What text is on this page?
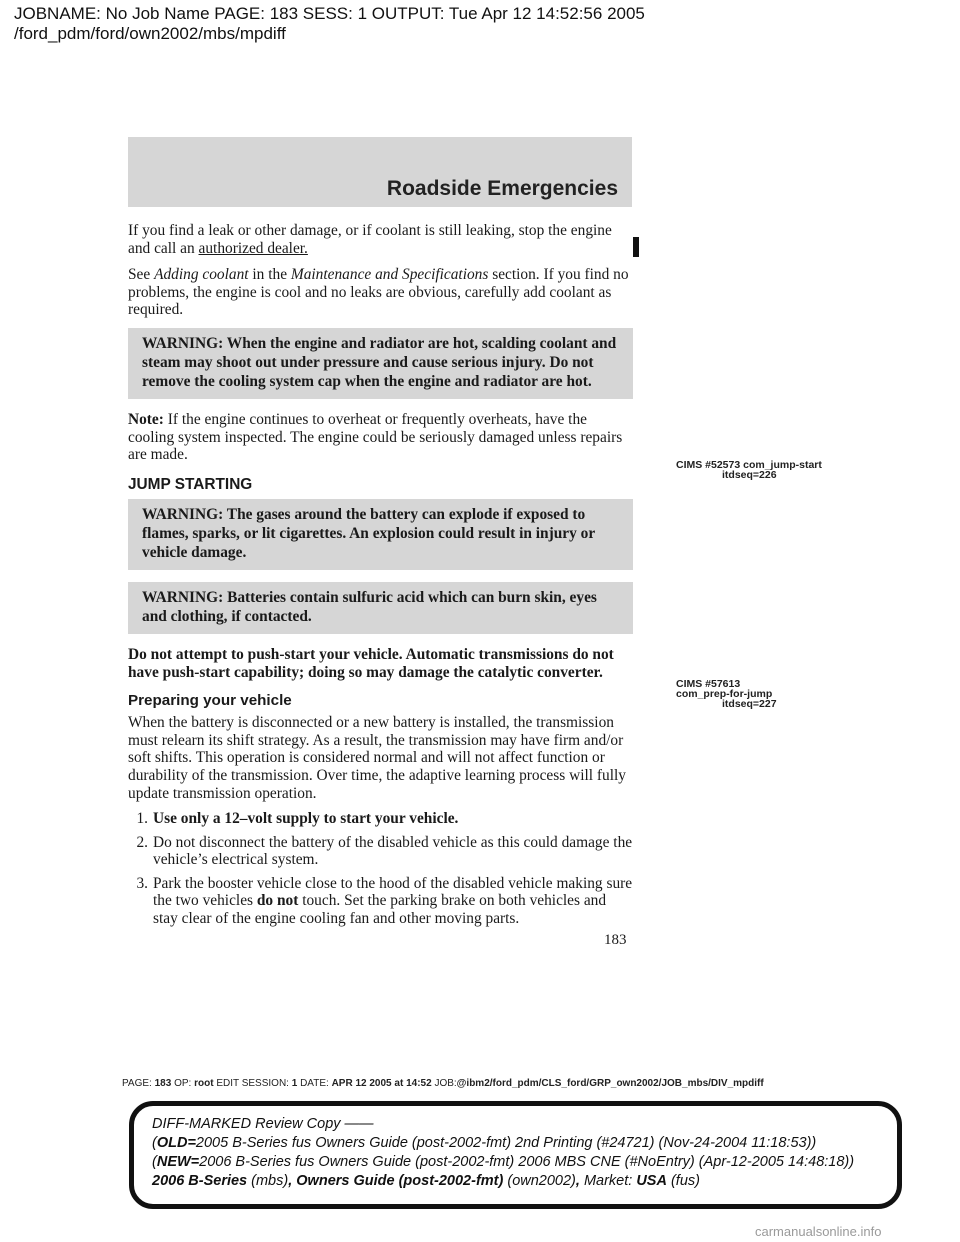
JOBNAME: No Job Name PAGE: 183 SESS: 1 OUTPUT: Tue Apr 12 14:52:56 2005
/ford_pdm/ford/own2002/mbs/mpdiff
Roadside Emergencies

If you find a leak or other damage, or if coolant is still leaking, stop the engine and call an authorized dealer.

See Adding coolant in the Maintenance and Specifications section. If you find no problems, the engine is cool and no leaks are obvious, carefully add coolant as required.

WARNING: When the engine and radiator are hot, scalding coolant and steam may shoot out under pressure and cause serious injury. Do not remove the cooling system cap when the engine and radiator are hot.

Note: If the engine continues to overheat or frequently overheats, have the cooling system inspected. The engine could be seriously damaged unless repairs are made.

JUMP STARTING
WARNING: The gases around the battery can explode if exposed to flames, sparks, or lit cigarettes. An explosion could result in injury or vehicle damage.
WARNING: Batteries contain sulfuric acid which can burn skin, eyes and clothing, if contacted.

Do not attempt to push-start your vehicle. Automatic transmissions do not have push-start capability; doing so may damage the catalytic converter.

Preparing your vehicle

When the battery is disconnected or a new battery is installed, the transmission must relearn its shift strategy. As a result, the transmission may have firm and/or soft shifts. This operation is considered normal and will not affect function or durability of the transmission. Over time, the adaptive learning process will fully update transmission operation.

1. Use only a 12–volt supply to start your vehicle.
2. Do not disconnect the battery of the disabled vehicle as this could damage the vehicle’s electrical system.
3. Park the booster vehicle close to the hood of the disabled vehicle making sure the two vehicles do not touch. Set the parking brake on both vehicles and stay clear of the engine cooling fan and other moving parts.
CIMS #52573 com_jump-start
itdseq=226
CIMS #57613
com_prep-for-jump
itdseq=227
183
PAGE: 183 OP: root EDIT SESSION: 1 DATE: APR 12 2005 at 14:52 JOB:@ibm2/ford_pdm/CLS_ford/GRP_own2002/JOB_mbs/DIV_mpdiff
DIFF-MARKED Review Copy ——
(OLD=2005 B-Series fus Owners Guide (post-2002-fmt) 2nd Printing (#24721) (Nov-24-2004 11:18:53))
(NEW=2006 B-Series fus Owners Guide (post-2002-fmt) 2006 MBS CNE (#NoEntry) (Apr-12-2005 14:48:18))
2006 B-Series (mbs), Owners Guide (post-2002-fmt) (own2002), Market: USA (fus)
carmanualsonline.info
